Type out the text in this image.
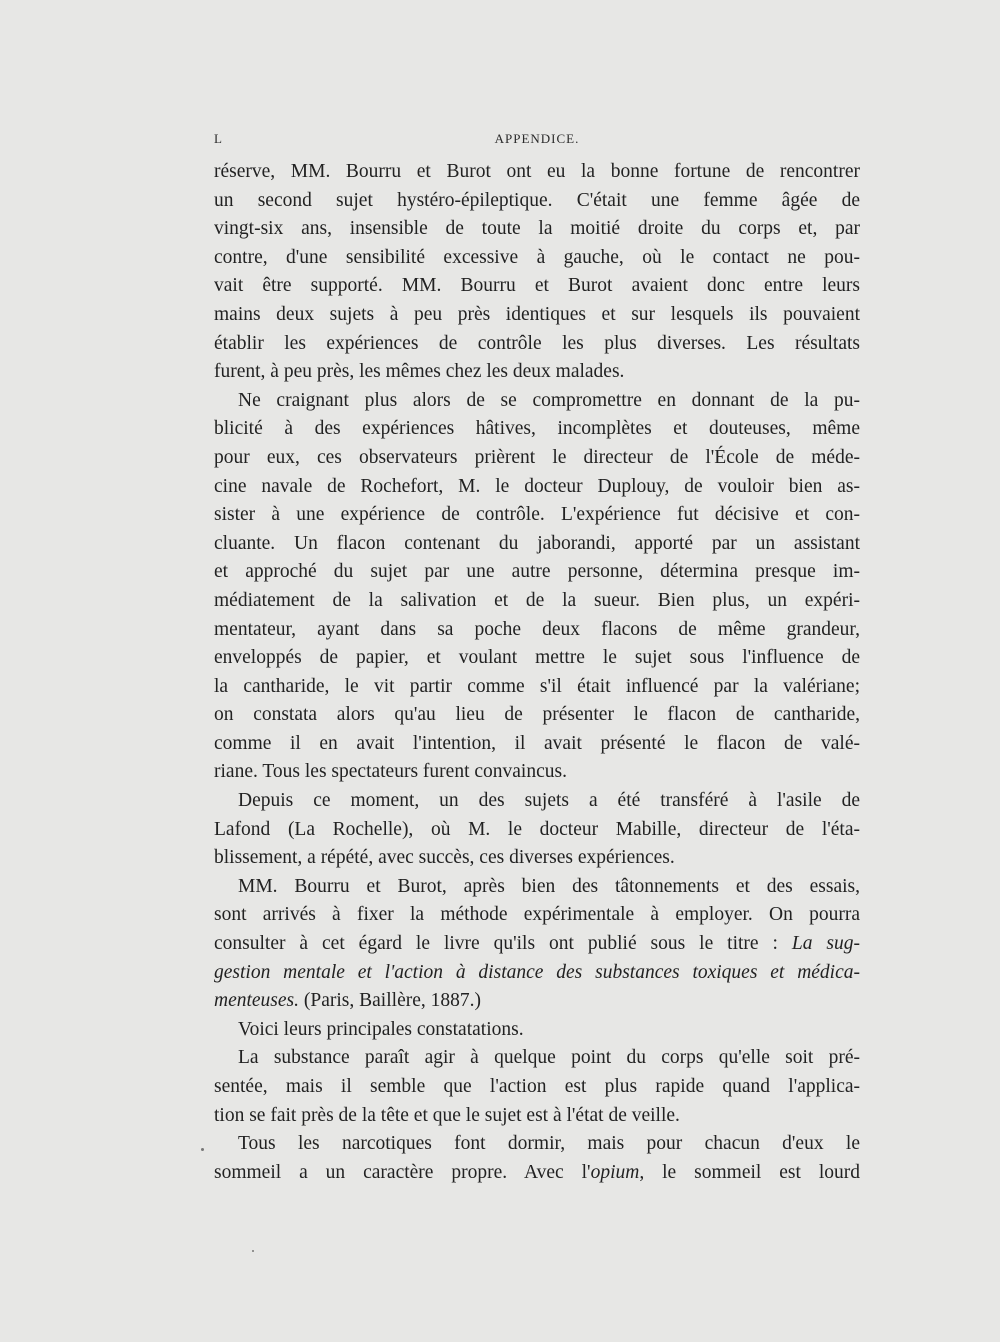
L	APPENDICE.
réserve, MM. Bourru et Burot ont eu la bonne fortune de rencontrer
un second sujet hystéro-épileptique. C'était une femme âgée de
vingt-six ans, insensible de toute la moitié droite du corps et, par
contre, d'une sensibilité excessive à gauche, où le contact ne pou-
vait être supporté. MM. Bourru et Burot avaient donc entre leurs
mains deux sujets à peu près identiques et sur lesquels ils pouvaient
établir les expériences de contrôle les plus diverses. Les résultats
furent, à peu près, les mêmes chez les deux malades.
Ne craignant plus alors de se compromettre en donnant de la pu-
blicité à des expériences hâtives, incomplètes et douteuses, même
pour eux, ces observateurs prièrent le directeur de l'École de méde-
cine navale de Rochefort, M. le docteur Duplouy, de vouloir bien as-
sister à une expérience de contrôle. L'expérience fut décisive et con-
cluante. Un flacon contenant du jaborandi, apporté par un assistant
et approché du sujet par une autre personne, détermina presque im-
médiatement de la salivation et de la sueur. Bien plus, un expéri-
mentateur, ayant dans sa poche deux flacons de même grandeur,
enveloppés de papier, et voulant mettre le sujet sous l'influence de
la cantharide, le vit partir comme s'il était influencé par la valériane;
on constata alors qu'au lieu de présenter le flacon de cantharide,
comme il en avait l'intention, il avait présenté le flacon de valé-
riane. Tous les spectateurs furent convaincus.
Depuis ce moment, un des sujets a été transféré à l'asile de
Lafond (La Rochelle), où M. le docteur Mabille, directeur de l'éta-
blissement, a répété, avec succès, ces diverses expériences.
MM. Bourru et Burot, après bien des tâtonnements et des essais,
sont arrivés à fixer la méthode expérimentale à employer. On pourra
consulter à cet égard le livre qu'ils ont publié sous le titre : La sug-
gestion mentale et l'action à distance des substances toxiques et médica-
menteuses. (Paris, Baillère, 1887.)
Voici leurs principales constatations.
La substance paraît agir à quelque point du corps qu'elle soit pré-
sentée, mais il semble que l'action est plus rapide quand l'applica-
tion se fait près de la tête et que le sujet est à l'état de veille.
Tous les narcotiques font dormir, mais pour chacun d'eux le
sommeil a un caractère propre. Avec l'opium, le sommeil est lourd
